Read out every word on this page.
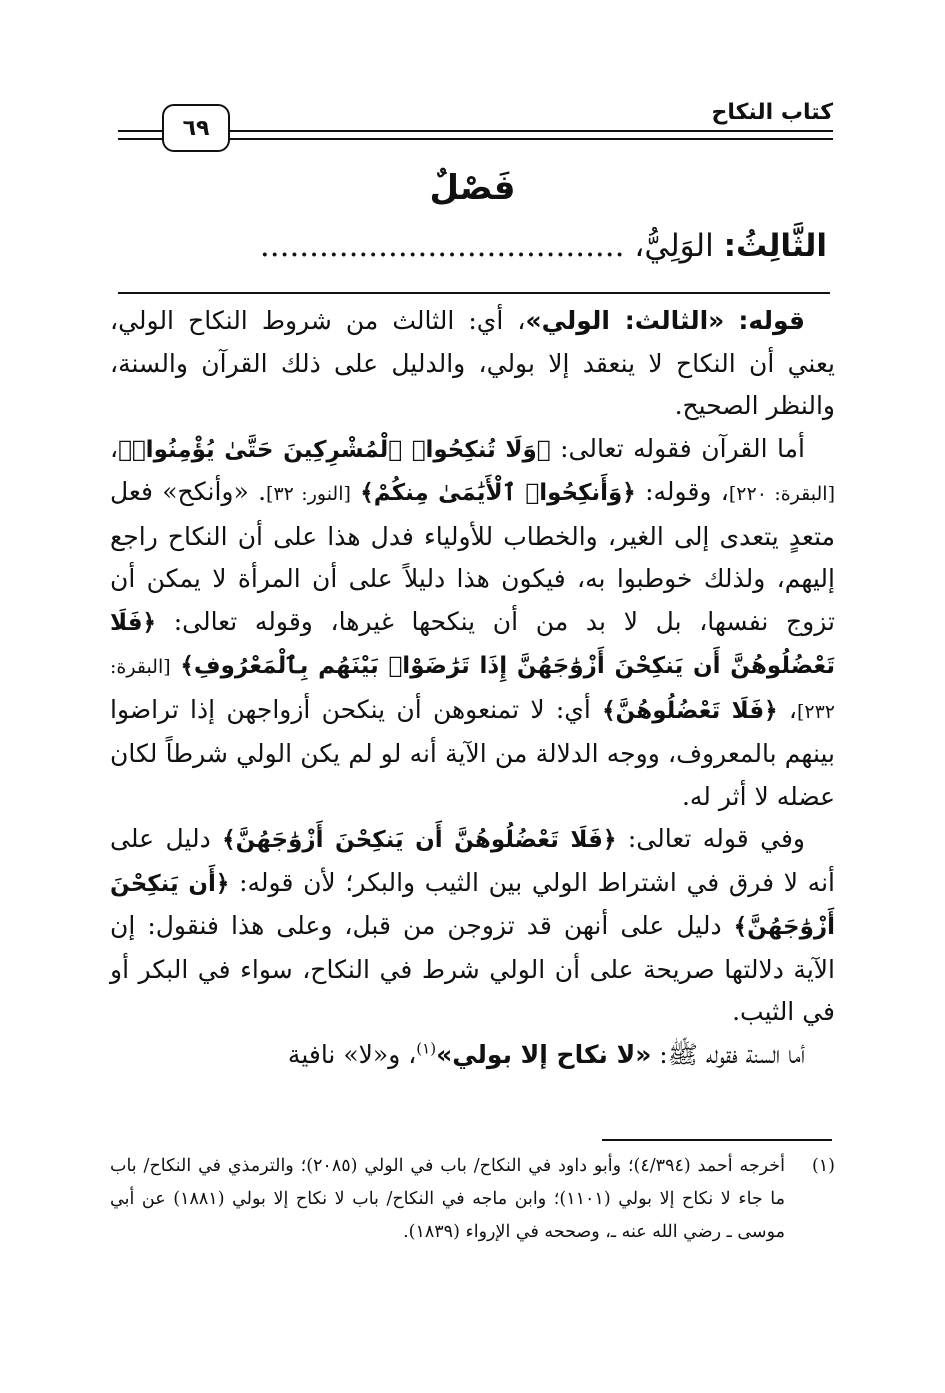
كتاب النكاح
٦٩
فَصْلٌ
الثَّالِثُ: الوَلِيُّ، .....................................

قوله: «الثالث: الولي»، أي: الثالث من شروط النكاح الولي، يعني أن النكاح لا ينعقد إلا بولي، والدليل على ذلك القرآن والسنة، والنظر الصحيح.

أما القرآن فقوله تعالى: ﴿وَلَا تُنكِحُوا۟ ٱلْمُشْرِكِينَ حَتَّىٰ يُؤْمِنُوا۟﴾، [البقرة: ٢٢٠]، وقوله: ﴿وَأَنكِحُوا۟ ٱلْأَيَٰمَىٰ مِنكُمْ﴾ [النور: ٣٢]. «وأنكح» فعل متعدٍ يتعدى إلى الغير، والخطاب للأولياء فدل هذا على أن النكاح راجع إليهم، ولذلك خوطبوا به، فيكون هذا دليلاً على أن المرأة لا يمكن أن تزوج نفسها، بل لا بد من أن ينكحها غيرها، وقوله تعالى: ﴿فَلَا تَعْضُلُوهُنَّ أَن يَنكِحْنَ أَزْوَٰجَهُنَّ إِذَا تَرَٰضَوْا۟ بَيْنَهُم بِٱلْمَعْرُوفِ﴾ [البقرة: ٢٣٢]، ﴿فَلَا تَعْضُلُوهُنَّ﴾ أي: لا تمنعوهن أن ينكحن أزواجهن إذا تراضوا بينهم بالمعروف، ووجه الدلالة من الآية أنه لو لم يكن الولي شرطاً لكان عضله لا أثر له.

وفي قوله تعالى: ﴿فَلَا تَعْضُلُوهُنَّ أَن يَنكِحْنَ أَزْوَٰجَهُنَّ﴾ دليل على أنه لا فرق في اشتراط الولي بين الثيب والبكر؛ لأن قوله: ﴿أَن يَنكِحْنَ أَزْوَٰجَهُنَّ﴾ دليل على أنهن قد تزوجن من قبل، وعلى هذا فنقول: إن الآية دلالتها صريحة على أن الولي شرط في النكاح، سواء في البكر أو في الثيب.

أما السنة فقوله ﷺ: «لا نكاح إلا بولي»$^{(١)}$، و«لا» نافية

(١)
أخرجه أحمد (٤/٣٩٤)؛ وأبو داود في النكاح/ باب في الولي (٢٠٨٥)؛ والترمذي في النكاح/ باب ما جاء لا نكاح إلا بولي (١١٠١)؛ وابن ماجه في النكاح/ باب لا نكاح إلا بولي (١٨٨١) عن أبي موسى ـ رضي الله عنه ـ، وصححه في الإرواء (١٨٣٩).
